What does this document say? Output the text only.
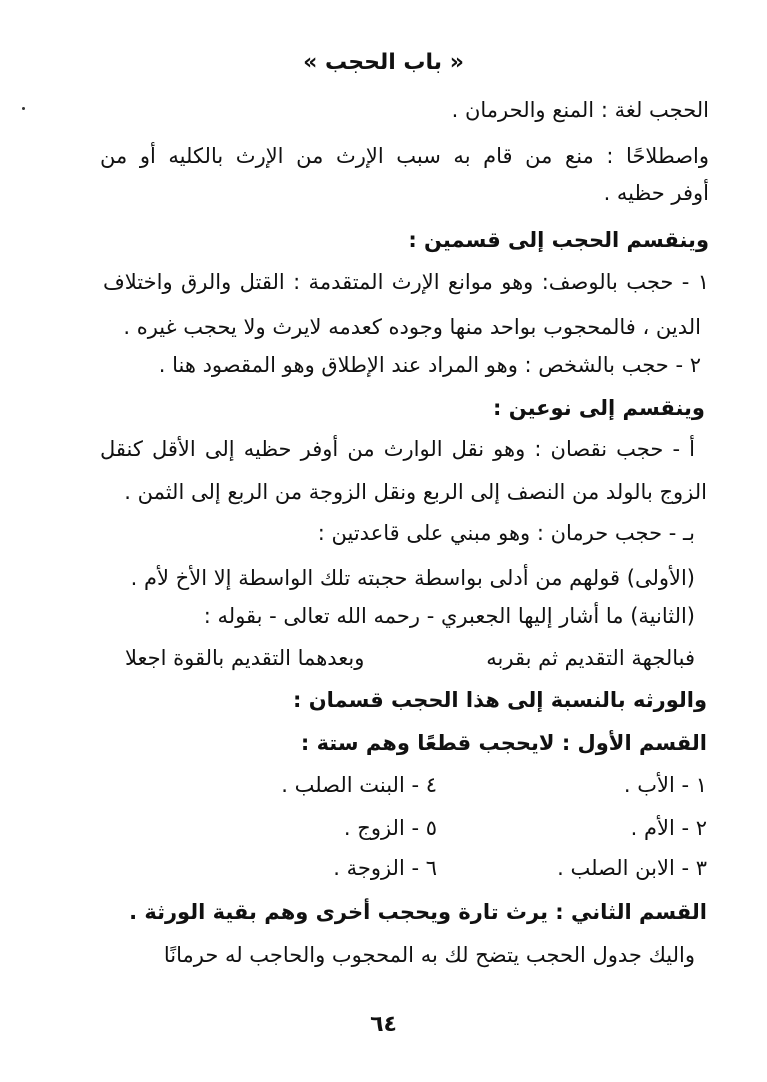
« باب الحجب »
الحجب لغة : المنع والحرمان .
واصطلاحًا : منع من قام به سبب الإرث من الإرث بالكليه أو من
أوفر حظيه .
وينقسم الحجب إلى قسمين :
١ - حجب بالوصف: وهو موانع الإرث المتقدمة : القتل والرق واختلاف
الدين ، فالمحجوب بواحد منها وجوده كعدمه لايرث ولا يحجب غيره .
٢ - حجب بالشخص : وهو المراد عند الإطلاق وهو المقصود هنا .
وينقسم إلى نوعين :
أ - حجب نقصان : وهو نقل الوارث من أوفر حظيه إلى الأقل كنقل
الزوج بالولد من النصف إلى الربع ونقل الزوجة من الربع إلى الثمن .
بـ - حجب حرمان : وهو مبني على قاعدتين :
(الأولى) قولهم من أدلى بواسطة حجبته تلك الواسطة إلا الأخ لأم .
(الثانية) ما أشار إليها الجعبري - رحمه الله تعالى - بقوله :
فبالجهة التقديم ثم بقربه
وبعدهما التقديم بالقوة اجعلا
والورثه بالنسبة إلى هذا الحجب قسمان :
القسم الأول : لايحجب قطعًا وهم ستة :
١ - الأب .
٢ - الأم .
٣ - الابن الصلب .
٤ - البنت الصلب .
٥ - الزوج .
٦ - الزوجة .
القسم الثاني : يرث تارة ويحجب أخرى وهم بقية الورثة .
واليك جدول الحجب يتضح لك به المحجوب والحاجب له حرمانًا
٦٤
